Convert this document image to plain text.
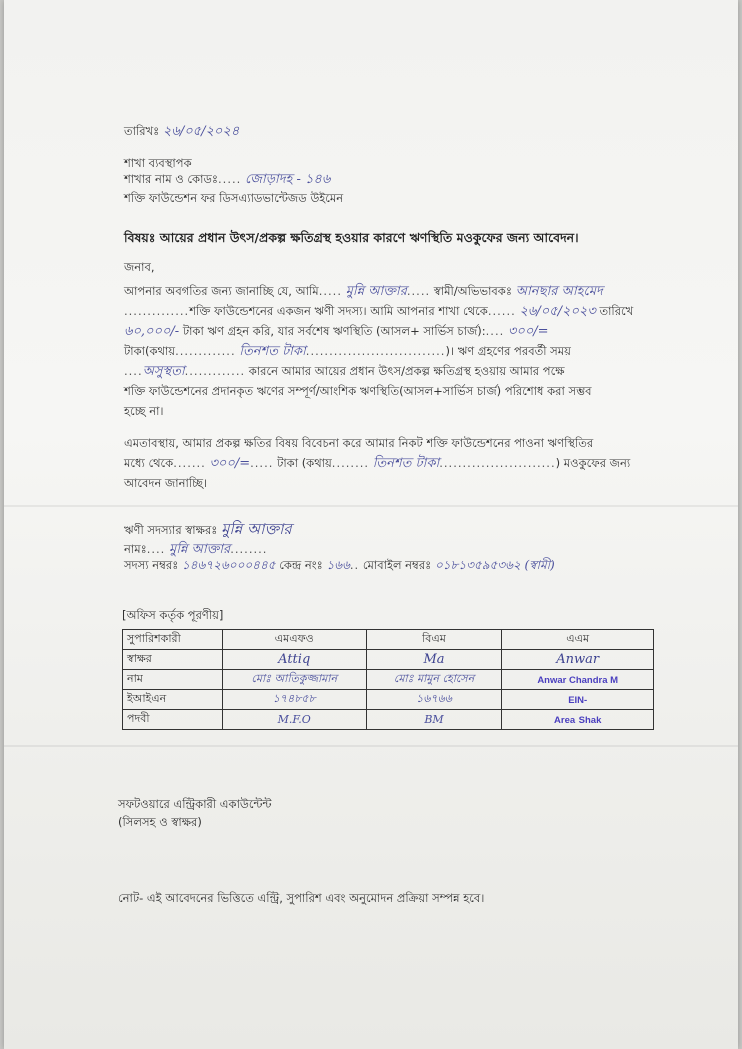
তারিখঃ ২৬/০৫/২০২৪
শাখা ব্যবস্থাপক
শাখার নাম ও কোডঃ..... জোড়াদহ - ১৪৬
শক্তি ফাউন্ডেশন ফর ডিসএ্যাডভান্টেজড উইমেন
বিষয়ঃ আয়ের প্রধান উৎস/প্রকল্প ক্ষতিগ্রস্থ হওয়ার কারণে ঋণস্থিতি মওকুফের জন্য আবেদন।
জনাব,
আপনার অবগতির জন্য জানাচ্ছি যে, আমি..... মুন্নি আক্তার..... স্বামী/অভিভাবকঃ আনছার আহমেদ
..............শক্তি ফাউন্ডেশনের একজন ঋণী সদস্য। আমি আপনার শাখা থেকে...... ২৬/০৫/২০২৩ তারিখে
৬০,০০০/- টাকা ঋণ গ্রহন করি, যার সর্বশেষ ঋণস্থিতি (আসল+ সার্ভিস চার্জ):.... ৩০০/=
টাকা(কথায়............. তিনশত টাকা..............................)। ঋণ গ্রহণের পরবর্তী সময়
....অসুস্থতা............. কারনে আমার আয়ের প্রধান উৎস/প্রকল্প ক্ষতিগ্রস্থ হওয়ায় আমার পক্ষে
শক্তি ফাউন্ডেশনের প্রদানকৃত ঋণের সম্পূর্ণ/আংশিক ঋণস্থিতি(আসল+সার্ভিস চার্জ) পরিশোধ করা সম্ভব
হচ্ছে না।
এমতাবস্থায়, আমার প্রকল্প ক্ষতির বিষয় বিবেচনা করে আমার নিকট শক্তি ফাউন্ডেশনের পাওনা ঋণস্থিতির
মধ্যে থেকে....... ৩০০/=..... টাকা (কথায়........ তিনশত টাকা.........................) মওকুফের জন্য
আবেদন জানাচ্ছি।
ঋণী সদস্যার স্বাক্ষরঃ মুন্নি আক্তার
নামঃ.... মুন্নি আক্তার........
সদস্য নম্বরঃ ১৪৬৭২৬০০০৪৪৫ কেন্দ্র নংঃ ১৬৬.. মোবাইল নম্বরঃ ০১৮১৩৫৯৫৩৬২ (স্বামী)
[অফিস কর্তৃক পূরণীয়]
সুপারিশকারী	এমএফও	বিএম	এএম
স্বাক্ষর	Attiq	Ma	Anwar
নাম	মোঃ আতিকুজ্জামান	মোঃ মামুন হোসেন	Anwar Chandra M
ইআইএন	১৭৪৮৫৮	১৬৭৬৬	EIN-
পদবী	M.F.O	BM	Area Shak
সফটওয়ারে এন্ট্রিকারী একাউন্টেন্ট
(সিলসহ ও স্বাক্ষর)
নোট- এই আবেদনের ভিত্তিতে এন্ট্রি, সুপারিশ এবং অনুমোদন প্রক্রিয়া সম্পন্ন হবে।
